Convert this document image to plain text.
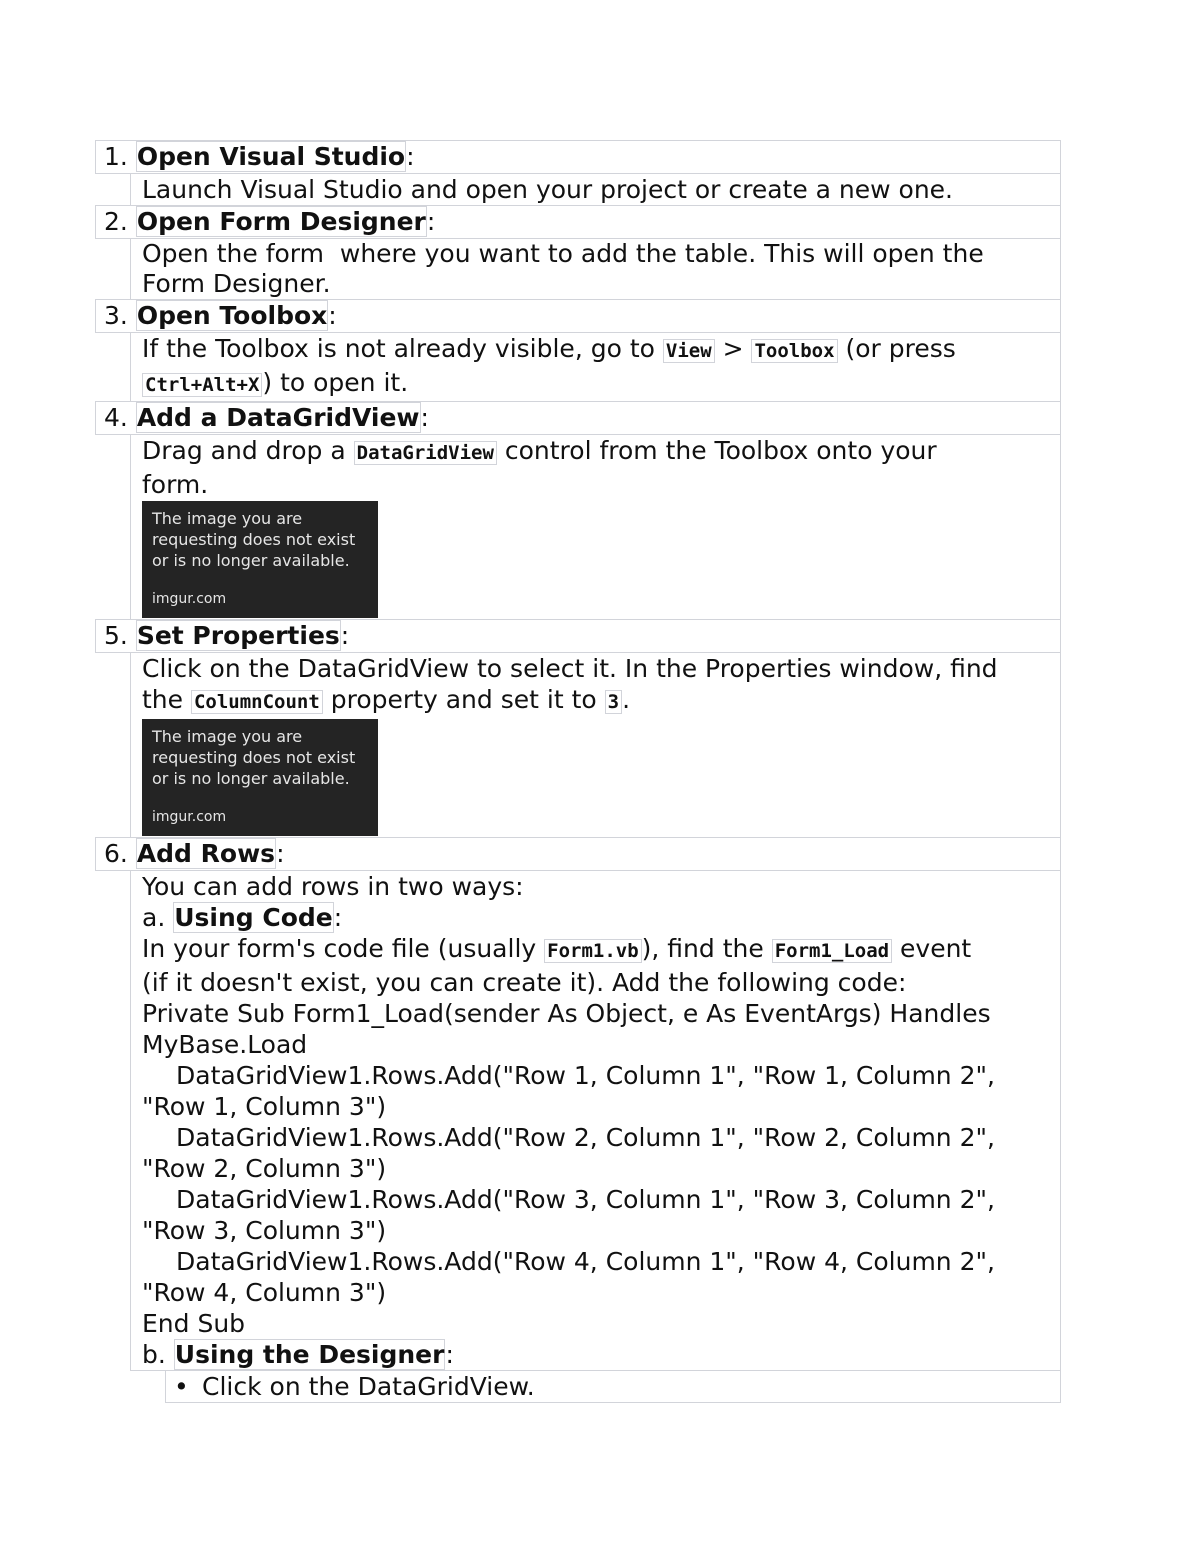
1. Open Visual Studio:
Launch Visual Studio and open your project or create a new one.
2. Open Form Designer:
Open the form  where you want to add the table. This will open the
Form Designer.
3. Open Toolbox:
If the Toolbox is not already visible, go to View > Toolbox (or press
Ctrl+Alt+X ) to open it.
4. Add a DataGridView:
Drag and drop a DataGridView control from the Toolbox onto your
form.
The image you are
requesting does not exist
or is no longer available.
imgur.com
5. Set Properties:
Click on the DataGridView to select it. In the Properties window, find
the ColumnCount property and set it to 3 .
The image you are
requesting does not exist
or is no longer available.
imgur.com
6. Add Rows:
You can add rows in two ways:
a. Using Code:
In your form's code file (usually Form1.vb ), find the Form1_Load event
(if it doesn't exist, you can create it). Add the following code:
Private Sub Form1_Load(sender As Object, e As EventArgs) Handles
MyBase.Load

DataGridView1.Rows.Add("Row 1, Column 1", "Row 1, Column 2",
"Row 1, Column 3")

DataGridView1.Rows.Add("Row 2, Column 1", "Row 2, Column 2",
"Row 2, Column 3")

DataGridView1.Rows.Add("Row 3, Column 1", "Row 3, Column 2",
"Row 3, Column 3")

DataGridView1.Rows.Add("Row 4, Column 1", "Row 4, Column 2",
"Row 4, Column 3")
End Sub
b. Using the Designer:
• Click on the DataGridView.
